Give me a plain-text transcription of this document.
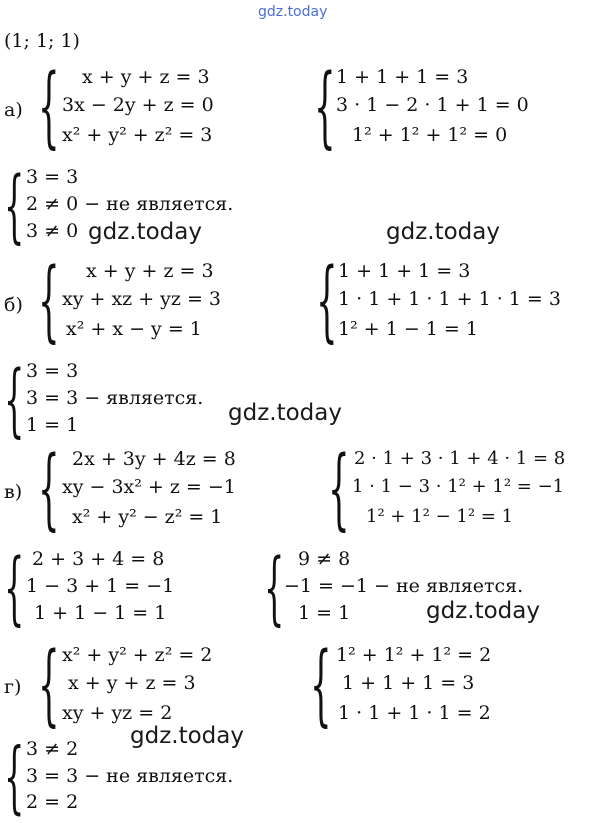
gdz.today
(1; 1; 1)
а) { x + y + z = 3
3x − 2y + z = 0
x² + y² + z² = 3	{ 1 + 1 + 1 = 3
3 · 1 − 2 · 1 + 1 = 0
1² + 1² + 1² = 0
{ 3 = 3
2 ≠ 0 − не является.
3 ≠ 0 gdz.today	gdz.today
б) { x + y + z = 3
xy + xz + yz = 3
x² + x − y = 1	{ 1 + 1 + 1 = 3
1 · 1 + 1 · 1 + 1 · 1 = 3
1² + 1 − 1 = 1
{ 3 = 3
3 = 3 − является.
1 = 1	gdz.today
в) { 2x + 3y + 4z = 8
xy − 3x² + z = −1
x² + y² − z² = 1	{ 2 · 1 + 3 · 1 + 4 · 1 = 8
1 · 1 − 3 · 1² + 1² = −1
1² + 1² − 1² = 1
{ 2 + 3 + 4 = 8
1 − 3 + 1 = −1
1 + 1 − 1 = 1	{ 9 ≠ 8
−1 = −1 − не является.
1 = 1	gdz.today
г) { x² + y² + z² = 2
x + y + z = 3
xy + yz = 2	{ 1² + 1² + 1² = 2
1 + 1 + 1 = 3
1 · 1 + 1 · 1 = 2
gdz.today
{ 3 ≠ 2
3 = 3 − не является.
2 = 2
